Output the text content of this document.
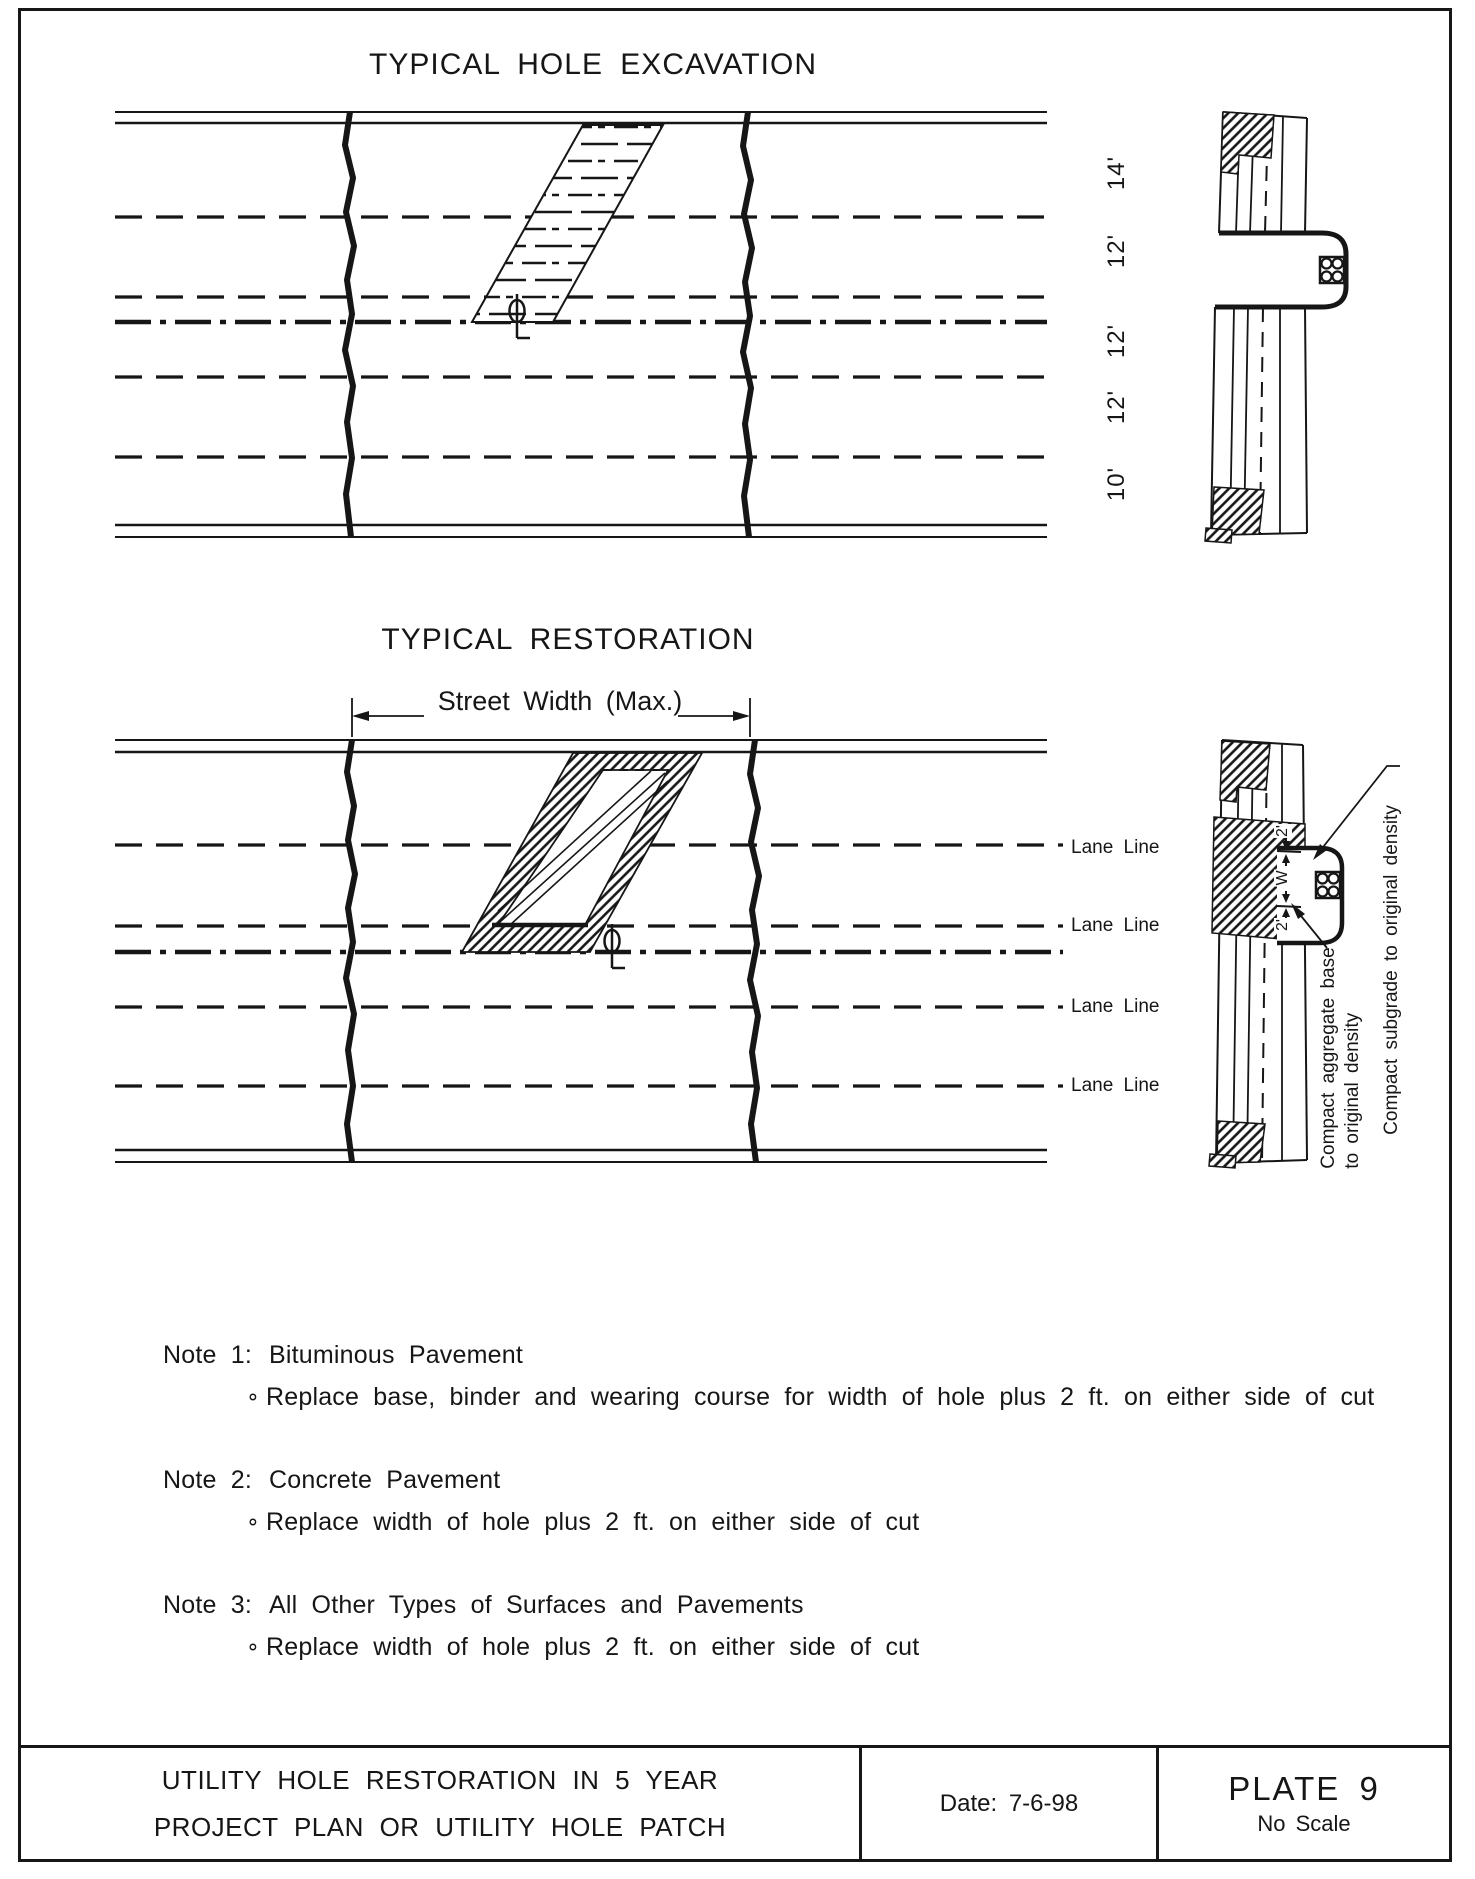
TYPICAL HOLE EXCAVATION
14'
12'
12'
12'
10'
TYPICAL RESTORATION
Street Width (Max.)
Lane Line
Lane Line
Lane Line
Lane Line
2'
W
2'
Compact aggregate base to original density Compact subgrade to original density
Note 1: Bituminous Pavement
∘ Replace base, binder and wearing course for width of hole plus 2 ft. on either side of cut
Note 2: Concrete Pavement
∘ Replace width of hole plus 2 ft. on either side of cut
Note 3: All Other Types of Surfaces and Pavements
∘ Replace width of hole plus 2 ft. on either side of cut
UTILITY HOLE RESTORATION IN 5 YEAR
PROJECT PLAN OR UTILITY HOLE PATCH
Date: 7-6-98	PLATE 9
No Scale
